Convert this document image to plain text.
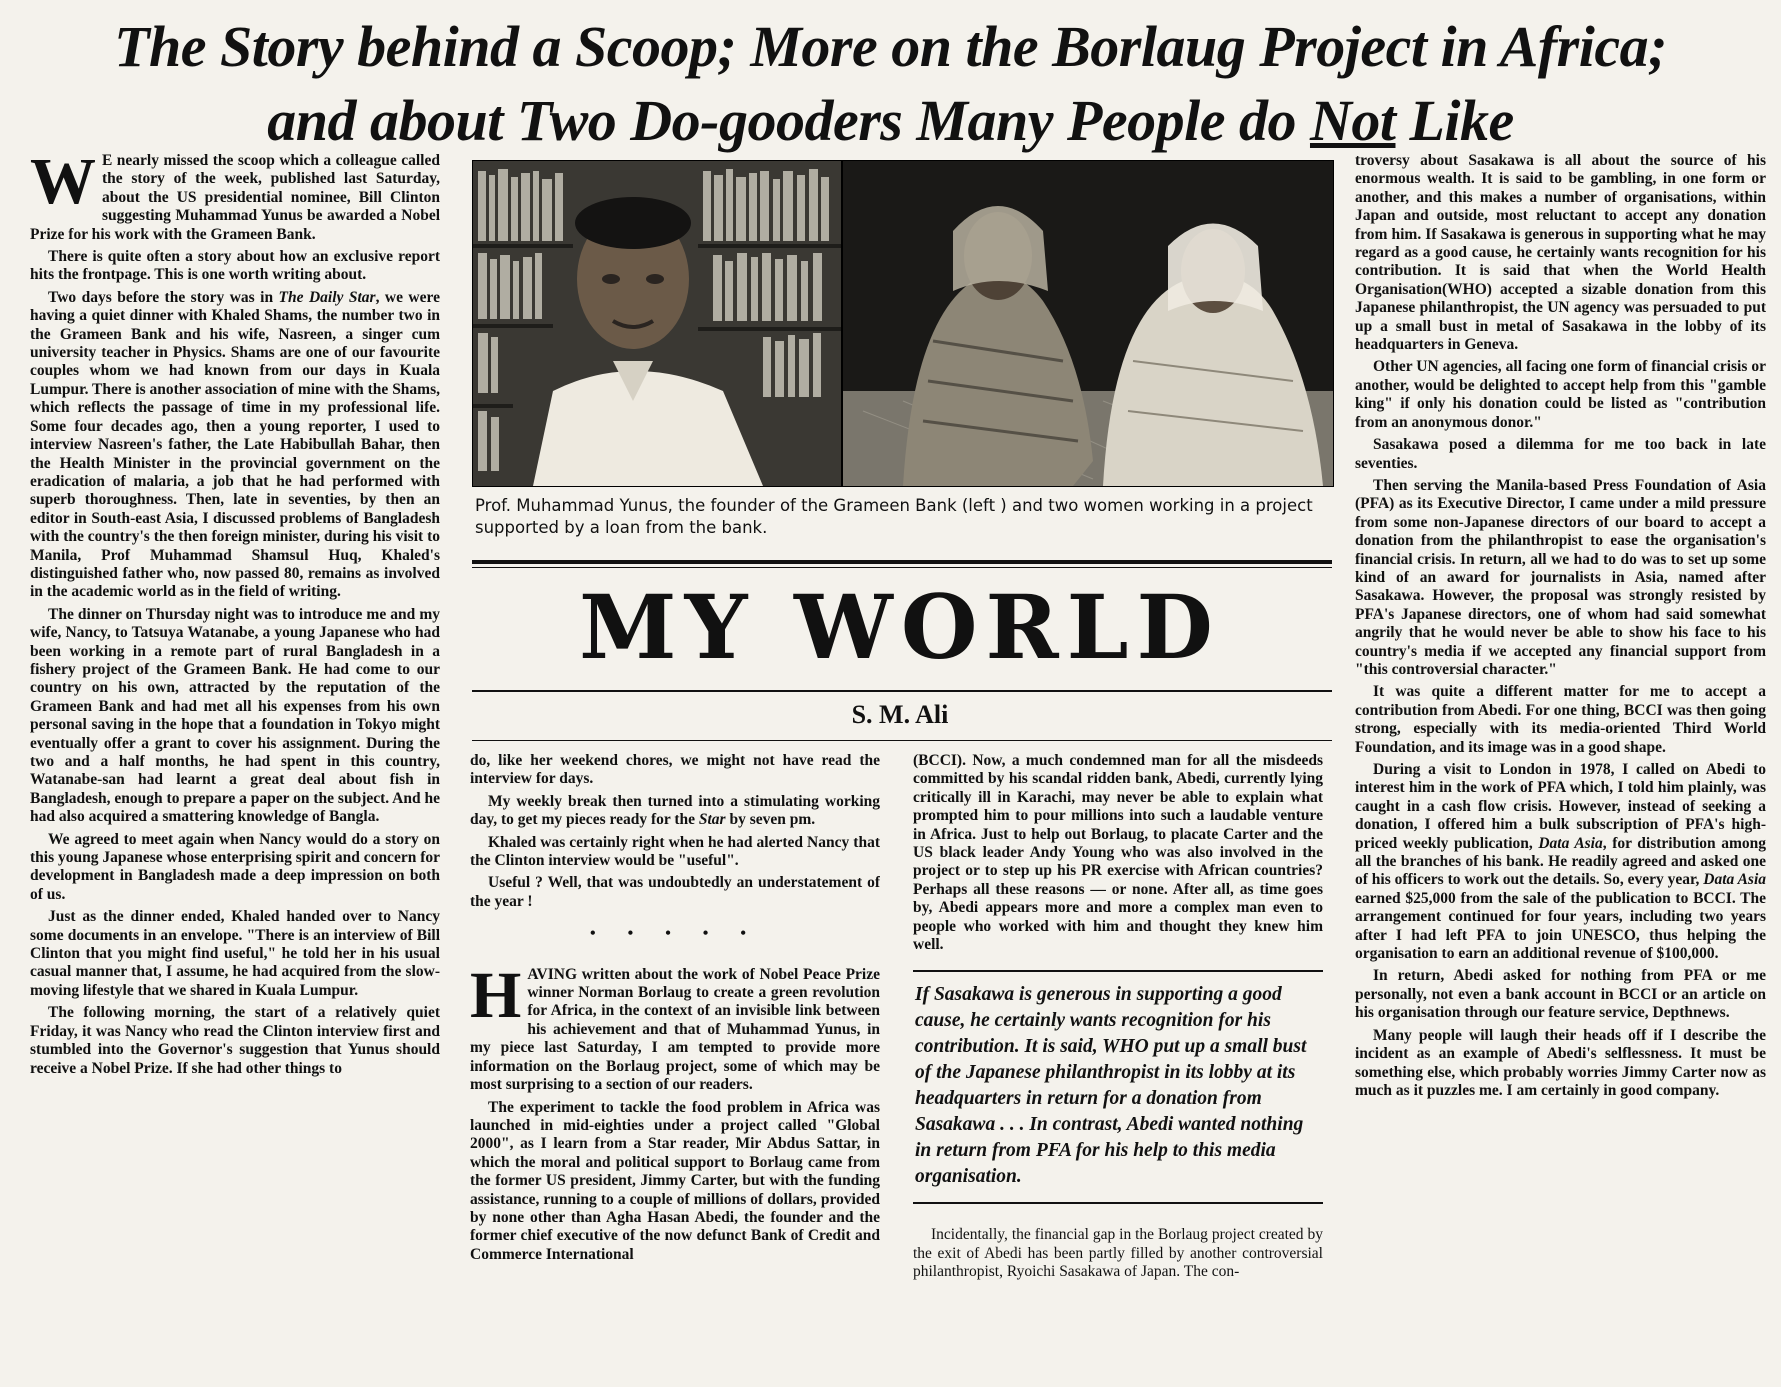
The Story behind a Scoop; More on the Borlaug Project in Africa;
and about Two Do-gooders Many People do Not Like

W E nearly missed the scoop which a colleague called the story of the week, published last Saturday, about the US presidential nominee, Bill Clinton suggesting Muhammad Yunus be awarded a Nobel Prize for his work with the Grameen Bank.

There is quite often a story about how an exclusive report hits the frontpage. This is one worth writing about.

Two days before the story was in The Daily Star, we were having a quiet dinner with Khaled Shams, the number two in the Grameen Bank and his wife, Nasreen, a singer cum university teacher in Physics. Shams are one of our favourite couples whom we had known from our days in Kuala Lumpur. There is another association of mine with the Shams, which reflects the passage of time in my professional life. Some four decades ago, then a young reporter, I used to interview Nasreen's father, the Late Habibullah Bahar, then the Health Minister in the provincial government on the eradication of malaria, a job that he had performed with superb thoroughness. Then, late in seventies, by then an editor in South-east Asia, I discussed problems of Bangladesh with the country's the then foreign minister, during his visit to Manila, Prof Muhammad Shamsul Huq, Khaled's distinguished father who, now passed 80, remains as involved in the academic world as in the field of writing.

The dinner on Thursday night was to introduce me and my wife, Nancy, to Tatsuya Watanabe, a young Japanese who had been working in a remote part of rural Bangladesh in a fishery project of the Grameen Bank. He had come to our country on his own, attracted by the reputation of the Grameen Bank and had met all his expenses from his own personal saving in the hope that a foundation in Tokyo might eventually offer a grant to cover his assignment. During the two and a half months, he had spent in this country, Watanabe-san had learnt a great deal about fish in Bangladesh, enough to prepare a paper on the subject. And he had also acquired a smattering knowledge of Bangla.

We agreed to meet again when Nancy would do a story on this young Japanese whose enterprising spirit and concern for development in Bangladesh made a deep impression on both of us.

Just as the dinner ended, Khaled handed over to Nancy some documents in an envelope. "There is an interview of Bill Clinton that you might find useful," he told her in his usual casual manner that, I assume, he had acquired from the slow-moving lifestyle that we shared in Kuala Lumpur.

The following morning, the start of a relatively quiet Friday, it was Nancy who read the Clinton interview first and stumbled into the Governor's suggestion that Yunus should receive a Nobel Prize. If she had other things to

Prof. Muhammad Yunus, the founder of the Grameen Bank (left ) and two women working in a project supported by a loan from the bank.
MY WORLD
S. M. Ali

do, like her weekend chores, we might not have read the interview for days.

My weekly break then turned into a stimulating working day, to get my pieces ready for the Star by seven pm.

Khaled was certainly right when he had alerted Nancy that the Clinton interview would be "useful".

Useful ? Well, that was undoubtedly an understatement of the year !

• • • • •

HAVING written about the work of Nobel Peace Prize winner Norman Borlaug to create a green revolution for Africa, in the context of an invisible link between his achievement and that of Muhammad Yunus, in my piece last Saturday, I am tempted to provide more information on the Borlaug project, some of which may be most surprising to a section of our readers.

The experiment to tackle the food problem in Africa was launched in mid-eighties under a project called "Global 2000", as I learn from a Star reader, Mir Abdus Sattar, in which the moral and political support to Borlaug came from the former US president, Jimmy Carter, but with the funding assistance, running to a couple of millions of dollars, provided by none other than Agha Hasan Abedi, the founder and the former chief executive of the now defunct Bank of Credit and Commerce International

(BCCI). Now, a much condemned man for all the misdeeds committed by his scandal ridden bank, Abedi, currently lying critically ill in Karachi, may never be able to explain what prompted him to pour millions into such a laudable venture in Africa. Just to help out Borlaug, to placate Carter and the US black leader Andy Young who was also involved in the project or to step up his PR exercise with African countries? Perhaps all these reasons — or none. After all, as time goes by, Abedi appears more and more a complex man even to people who worked with him and thought they knew him well.

If Sasakawa is generous in supporting a good cause, he certainly wants recognition for his contribution. It is said, WHO put up a small bust of the Japanese philanthropist in its lobby at its headquarters in return for a donation from Sasakawa . . . In contrast, Abedi wanted nothing in return from PFA for his help to this media organisation.

Incidentally, the financial gap in the Borlaug project created by the exit of Abedi has been partly filled by another controversial philanthropist, Ryoichi Sasakawa of Japan. The con-

troversy about Sasakawa is all about the source of his enormous wealth. It is said to be gambling, in one form or another, and this makes a number of organisations, within Japan and outside, most reluctant to accept any donation from him. If Sasakawa is generous in supporting what he may regard as a good cause, he certainly wants recognition for his contribution. It is said that when the World Health Organisation(WHO) accepted a sizable donation from this Japanese philanthropist, the UN agency was persuaded to put up a small bust in metal of Sasakawa in the lobby of its headquarters in Geneva.

Other UN agencies, all facing one form of financial crisis or another, would be delighted to accept help from this "gamble king" if only his donation could be listed as "contribution from an anonymous donor."

Sasakawa posed a dilemma for me too back in late seventies.

Then serving the Manila-based Press Foundation of Asia (PFA) as its Executive Director, I came under a mild pressure from some non-Japanese directors of our board to accept a donation from the philanthropist to ease the organisation's financial crisis. In return, all we had to do was to set up some kind of an award for journalists in Asia, named after Sasakawa. However, the proposal was strongly resisted by PFA's Japanese directors, one of whom had said somewhat angrily that he would never be able to show his face to his country's media if we accepted any financial support from "this controversial character."

It was quite a different matter for me to accept a contribution from Abedi. For one thing, BCCI was then going strong, especially with its media-oriented Third World Foundation, and its image was in a good shape.

During a visit to London in 1978, I called on Abedi to interest him in the work of PFA which, I told him plainly, was caught in a cash flow crisis. However, instead of seeking a donation, I offered him a bulk subscription of PFA's high-priced weekly publication, Data Asia, for distribution among all the branches of his bank. He readily agreed and asked one of his officers to work out the details. So, every year, Data Asia earned $25,000 from the sale of the publication to BCCI. The arrangement continued for four years, including two years after I had left PFA to join UNESCO, thus helping the organisation to earn an additional revenue of $100,000.

In return, Abedi asked for nothing from PFA or me personally, not even a bank account in BCCI or an article on his organisation through our feature service, Depthnews.

Many people will laugh their heads off if I describe the incident as an example of Abedi's selflessness. It must be something else, which probably worries Jimmy Carter now as much as it puzzles me. I am certainly in good company.
